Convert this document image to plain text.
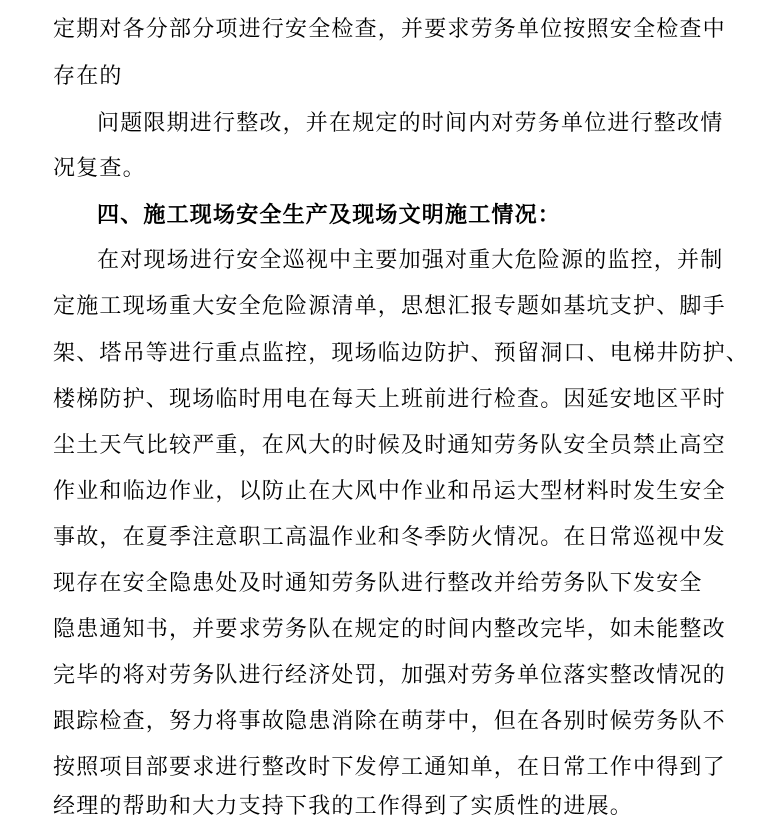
定期对各分部分项进行安全检查，并要求劳务单位按照安全检查中
存在的
问题限期进行整改，并在规定的时间内对劳务单位进行整改情
况复查。
四、施工现场安全生产及现场文明施工情况：
在对现场进行安全巡视中主要加强对重大危险源的监控，并制
定施工现场重大安全危险源清单，思想汇报专题如基坑支护、脚手
架、塔吊等进行重点监控，现场临边防护、预留洞口、电梯井防护、
楼梯防护、现场临时用电在每天上班前进行检查。因延安地区平时
尘土天气比较严重，在风大的时候及时通知劳务队安全员禁止高空
作业和临边作业，以防止在大风中作业和吊运大型材料时发生安全
事故，在夏季注意职工高温作业和冬季防火情况。在日常巡视中发
现存在安全隐患处及时通知劳务队进行整改并给劳务队下发安全
隐患通知书，并要求劳务队在规定的时间内整改完毕，如未能整改
完毕的将对劳务队进行经济处罚，加强对劳务单位落实整改情况的
跟踪检查，努力将事故隐患消除在萌芽中，但在各别时候劳务队不
按照项目部要求进行整改时下发停工通知单，在日常工作中得到了
经理的帮助和大力支持下我的工作得到了实质性的进展。
